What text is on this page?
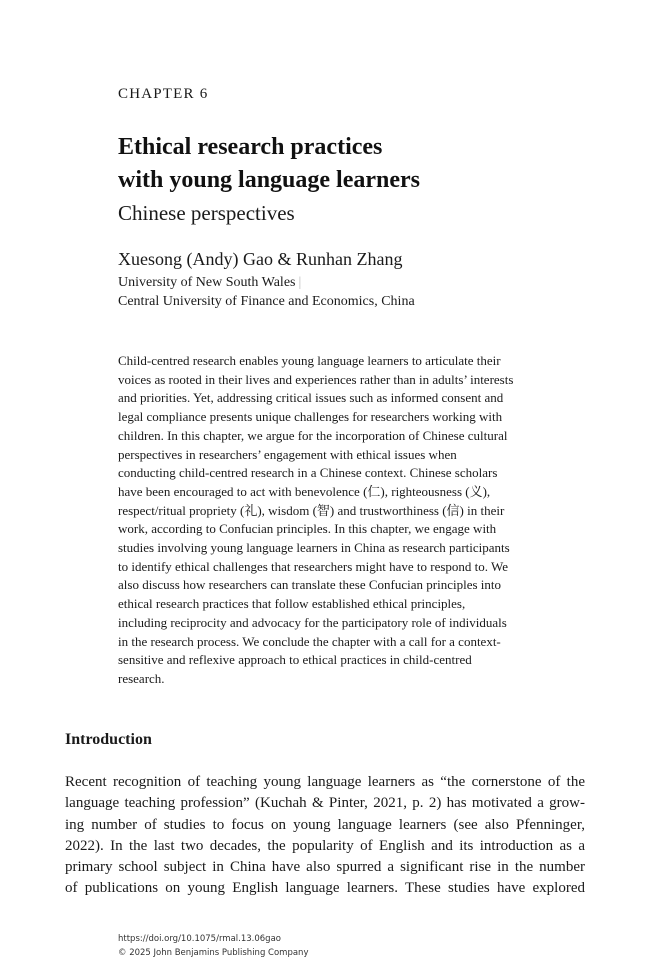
CHAPTER 6
Ethical research practices
with young language learners
Chinese perspectives
Xuesong (Andy) Gao & Runhan Zhang
University of New South Wales |
Central University of Finance and Economics, China
Child-centred research enables young language learners to articulate their
voices as rooted in their lives and experiences rather than in adults’ interests
and priorities. Yet, addressing critical issues such as informed consent and
legal compliance presents unique challenges for researchers working with
children. In this chapter, we argue for the incorporation of Chinese cultural
perspectives in researchers’ engagement with ethical issues when
conducting child-centred research in a Chinese context. Chinese scholars
have been encouraged to act with benevolence (仁), righteousness (义),
respect/ritual propriety (礼), wisdom (智) and trustworthiness (信) in their
work, according to Confucian principles. In this chapter, we engage with
studies involving young language learners in China as research participants
to identify ethical challenges that researchers might have to respond to. We
also discuss how researchers can translate these Confucian principles into
ethical research practices that follow established ethical principles,
including reciprocity and advocacy for the participatory role of individuals
in the research process. We conclude the chapter with a call for a context-
sensitive and reflexive approach to ethical practices in child-centred
research.
Introduction
Recent recognition of teaching young language learners as “the cornerstone of the
language teaching profession” (Kuchah & Pinter, 2021, p. 2) has motivated a grow-
ing number of studies to focus on young language learners (see also Pfenninger,
2022). In the last two decades, the popularity of English and its introduction as a
primary school subject in China have also spurred a significant rise in the number
of publications on young English language learners. These studies have explored
https://doi.org/10.1075/rmal.13.06gao
© 2025 John Benjamins Publishing Company
